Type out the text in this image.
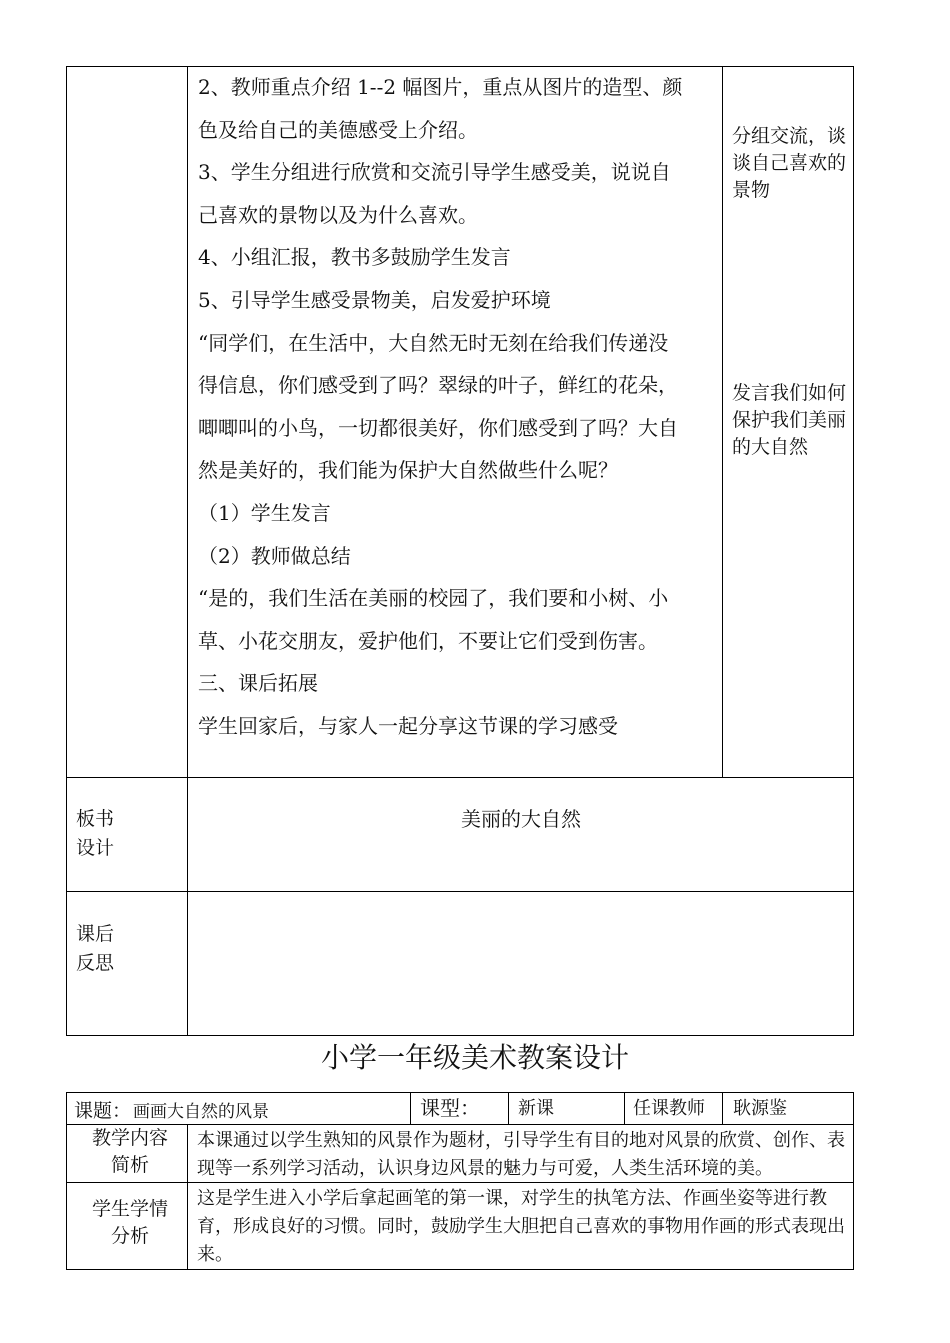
2、教师重点介绍 1--2 幅图片，重点从图片的造型、颜

色及给自己的美德感受上介绍。

3、学生分组进行欣赏和交流引导学生感受美，说说自

己喜欢的景物以及为什么喜欢。

4、小组汇报，教书多鼓励学生发言

5、引导学生感受景物美，启发爱护环境

“同学们，在生活中，大自然无时无刻在给我们传递没

得信息，你们感受到了吗？翠绿的叶子，鲜红的花朵，

唧唧叫的小鸟，一切都很美好，你们感受到了吗？大自

然是美好的，我们能为保护大自然做些什么呢？

（1）学生发言

（2）教师做总结

“是的，我们生活在美丽的校园了，我们要和小树、小

草、小花交朋友，爱护他们，不要让它们受到伤害。

三、课后拓展

学生回家后，与家人一起分享这节课的学习感受

分组交流，谈谈自己喜欢的景物
发言我们如何保护我们美丽的大自然
板书设计
美丽的大自然
课后反思
小学一年级美术教案设计
课题： 画画大自然的风景	课型： 新课	任课教师 耿源鉴
教学内容简析
本课通过以学生熟知的风景作为题材，引导学生有目的地对风景的欣赏、创作、表现等一系列学习活动，认识身边风景的魅力与可爱，人类生活环境的美。
学生学情分析
这是学生进入小学后拿起画笔的第一课，对学生的执笔方法、作画坐姿等进行教育，形成良好的习惯。同时，鼓励学生大胆把自己喜欢的事物用作画的形式表现出来。
